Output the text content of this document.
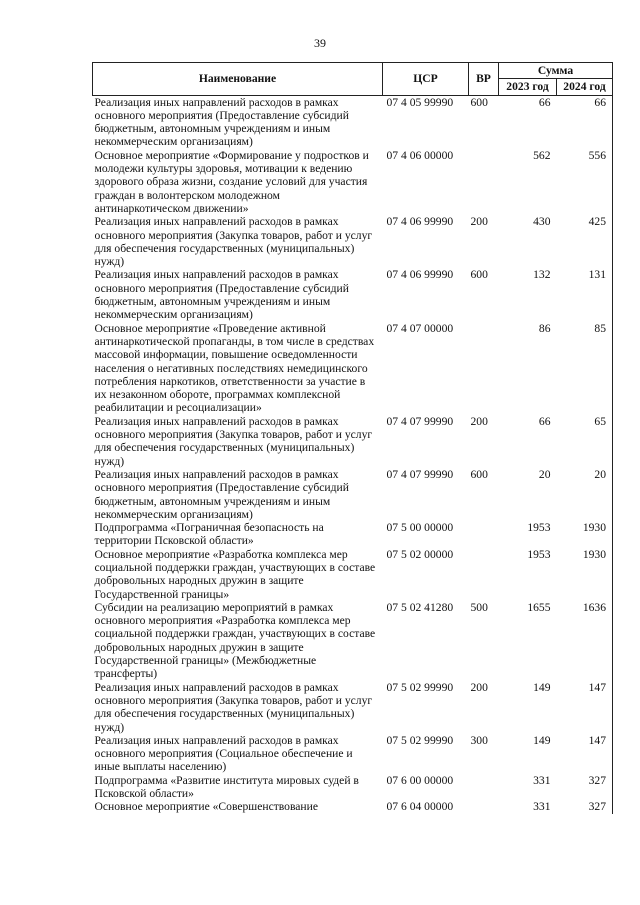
39
Наименование	ЦСР	ВР	Сумма	
			2023 год	2024 год
Реализация иных направлений расходов в рамках основного мероприятия (Предоставление субсидий бюджетным, автономным учреждениям и иным некоммерческим организациям)	07 4 05 99990	600	66	66
Основное мероприятие «Формирование у подростков и молодежи культуры здоровья, мотивации к ведению здорового образа жизни, создание условий для участия граждан в волонтерском молодежном антинаркотическом движении»	07 4 06 00000		562	556
Реализация иных направлений расходов в рамках основного мероприятия (Закупка товаров, работ и услуг для обеспечения государственных (муниципальных) нужд)	07 4 06 99990	200	430	425
Реализация иных направлений расходов в рамках основного мероприятия (Предоставление субсидий бюджетным, автономным учреждениям и иным некоммерческим организациям)	07 4 06 99990	600	132	131
Основное мероприятие «Проведение активной антинаркотической пропаганды, в том числе в средствах массовой информации, повышение осведомленности населения о негативных последствиях немедицинского потребления наркотиков, ответственности за участие в их незаконном обороте, программах комплексной реабилитации и ресоциализации»	07 4 07 00000		86	85
Реализация иных направлений расходов в рамках основного мероприятия (Закупка товаров, работ и услуг для обеспечения государственных (муниципальных) нужд)	07 4 07 99990	200	66	65
Реализация иных направлений расходов в рамках основного мероприятия (Предоставление субсидий бюджетным, автономным учреждениям и иным некоммерческим организациям)	07 4 07 99990	600	20	20
Подпрограмма «Пограничная безопасность на территории Псковской области»	07 5 00 00000		1953	1930
Основное мероприятие «Разработка комплекса мер социальной поддержки граждан, участвующих в составе добровольных народных дружин в защите Государственной границы»	07 5 02 00000		1953	1930
Субсидии на реализацию мероприятий в рамках основного мероприятия «Разработка комплекса мер социальной поддержки граждан, участвующих в составе добровольных народных дружин в защите Государственной границы» (Межбюджетные трансферты)	07 5 02 41280	500	1655	1636
Реализация иных направлений расходов в рамках основного мероприятия (Закупка товаров, работ и услуг для обеспечения государственных (муниципальных) нужд)	07 5 02 99990	200	149	147
Реализация иных направлений расходов в рамках основного мероприятия (Социальное обеспечение и иные выплаты населению)	07 5 02 99990	300	149	147
Подпрограмма «Развитие института мировых судей в Псковской области»	07 6 00 00000		331	327
Основное мероприятие «Совершенствование	07 6 04 00000		331	327
